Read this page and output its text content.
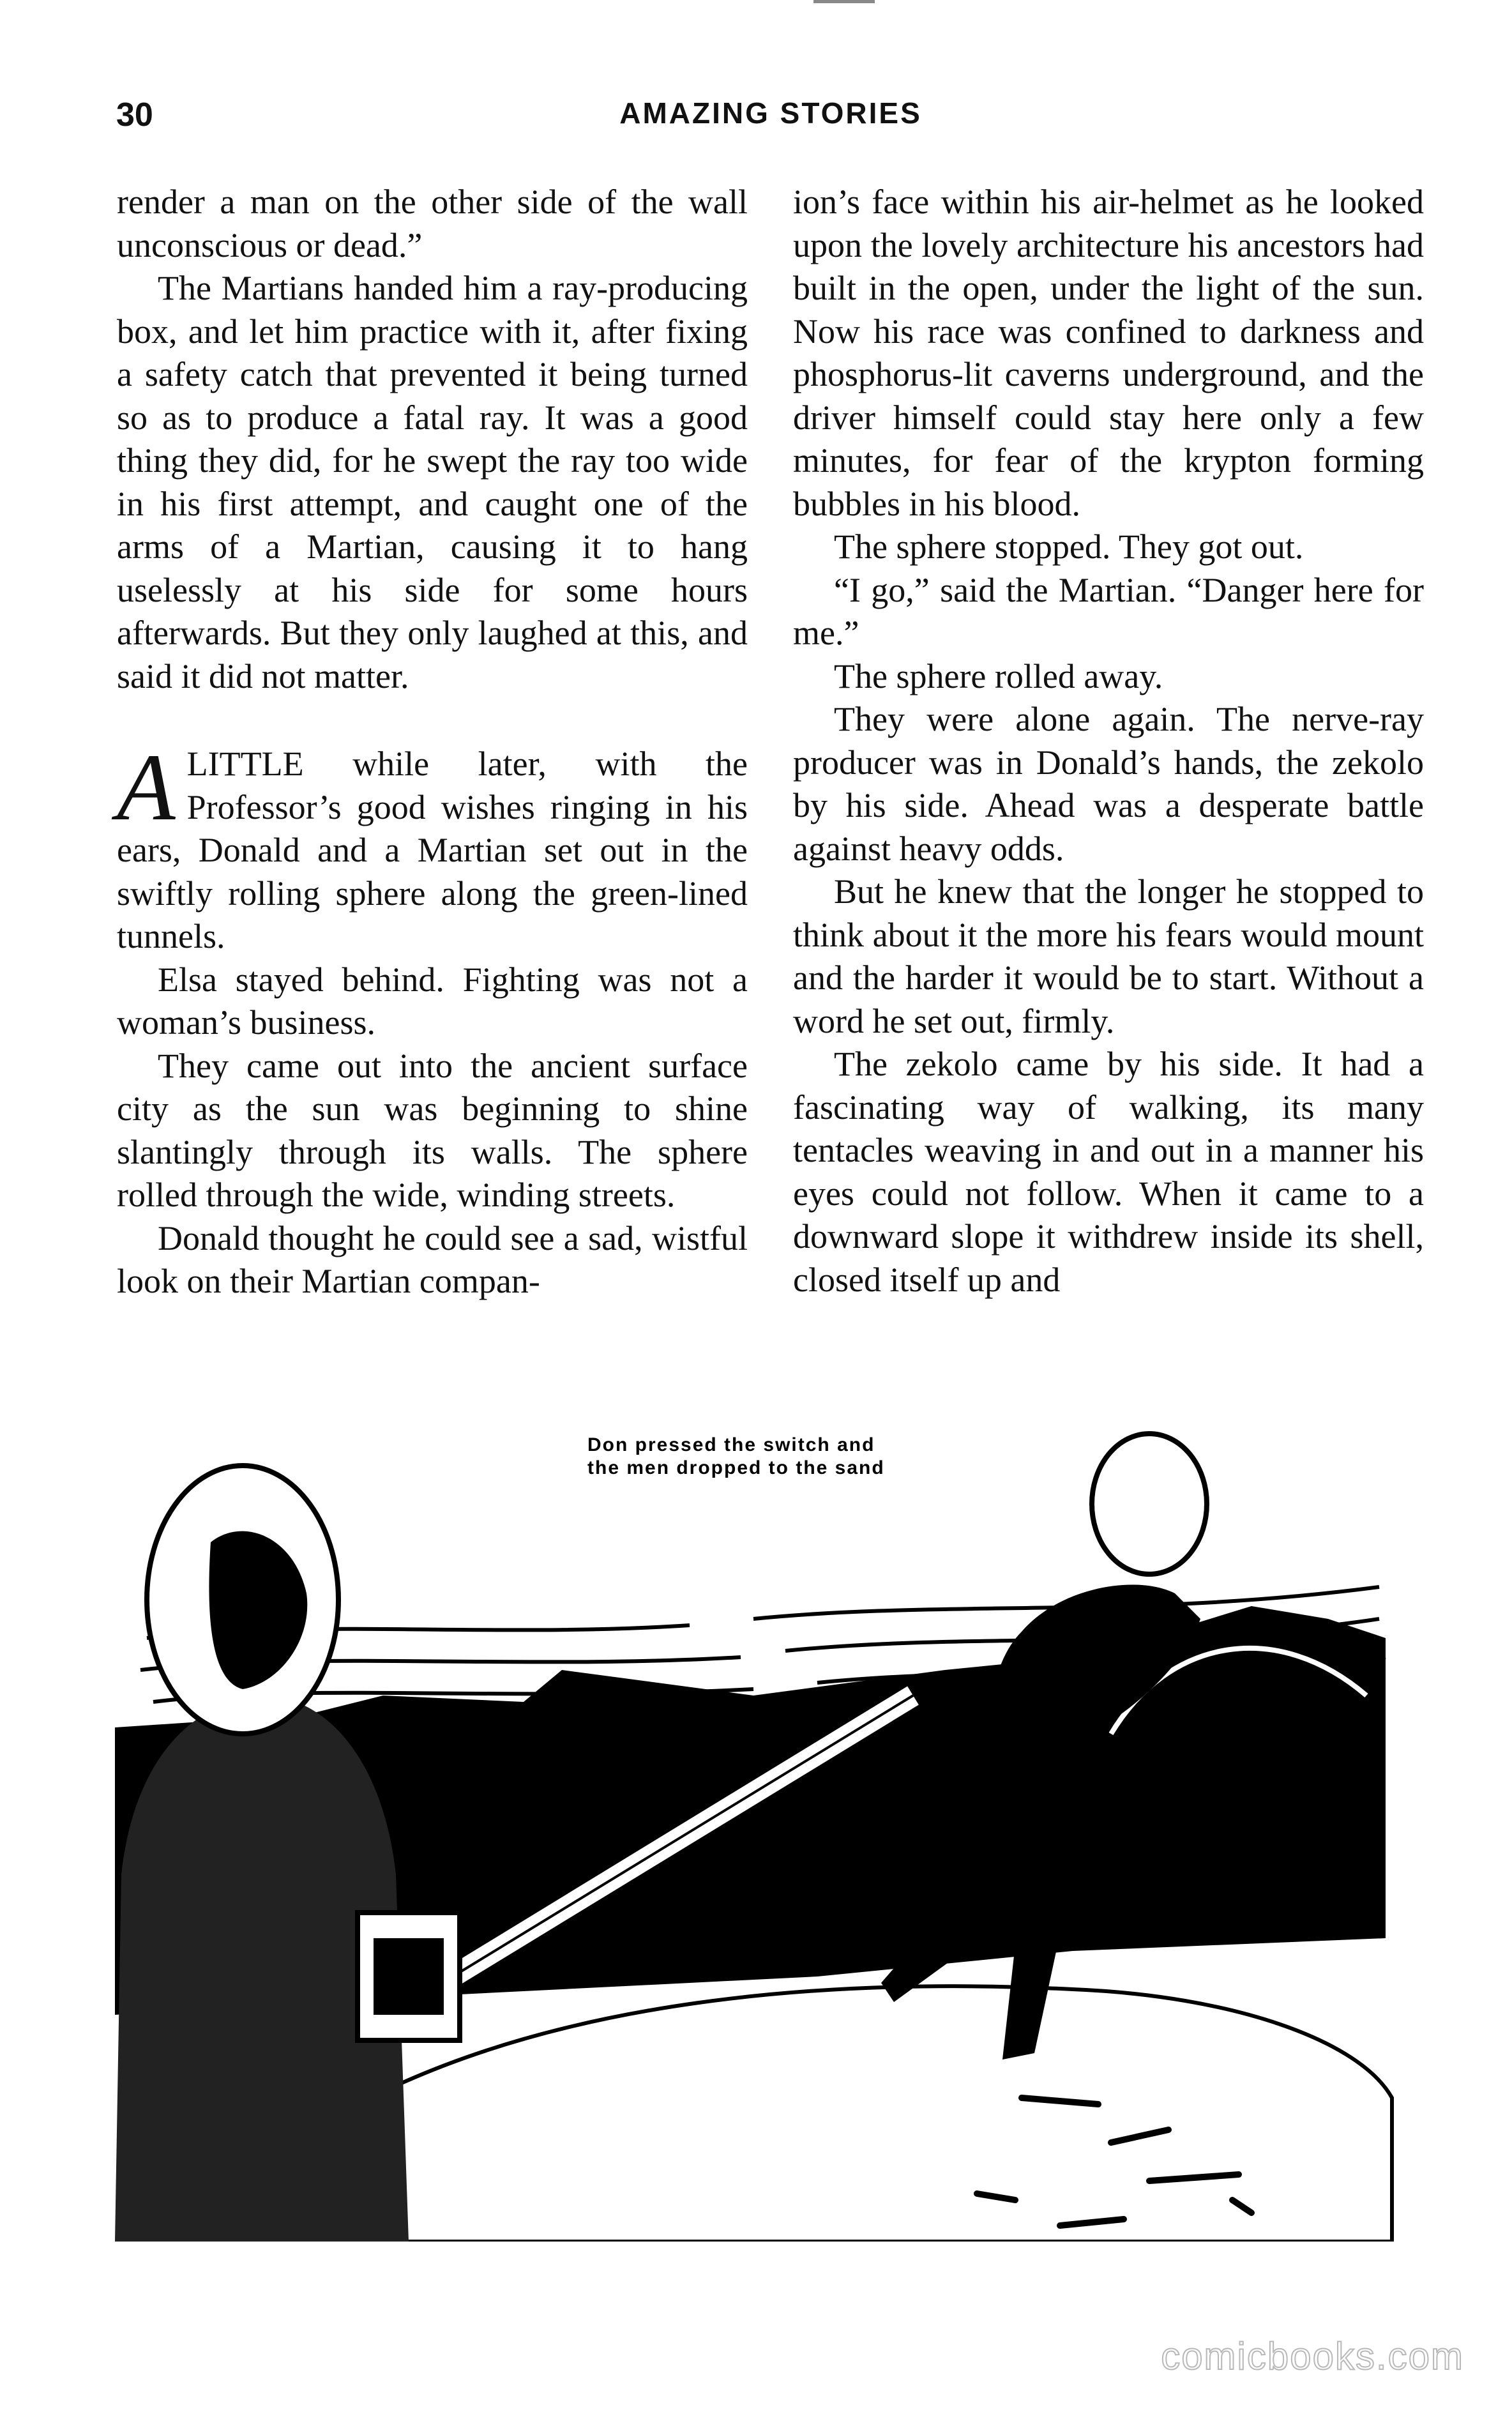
30	AMAZING STORIES

render a man on the other side of the wall unconscious or dead.”

The Martians handed him a ray-producing box, and let him practice with it, after fixing a safety catch that prevented it being turned so as to produce a fatal ray. It was a good thing they did, for he swept the ray too wide in his first attempt, and caught one of the arms of a Martian, causing it to hang uselessly at his side for some hours afterwards. But they only laughed at this, and said it did not matter.

ALITTLE while later, with the Professor’s good wishes ringing in his ears, Donald and a Martian set out in the swiftly rolling sphere along the green-lined tunnels.

Elsa stayed behind. Fighting was not a woman’s business.

They came out into the ancient surface city as the sun was beginning to shine slantingly through its walls. The sphere rolled through the wide, winding streets.

Donald thought he could see a sad, wistful look on their Martian compan-

ion’s face within his air-helmet as he looked upon the lovely architecture his ancestors had built in the open, under the light of the sun. Now his race was confined to darkness and phosphorus-lit caverns underground, and the driver himself could stay here only a few minutes, for fear of the krypton forming bubbles in his blood.

The sphere stopped. They got out.

“I go,” said the Martian. “Danger here for me.”

The sphere rolled away.

They were alone again. The nerve-ray producer was in Donald’s hands, the zekolo by his side. Ahead was a desperate battle against heavy odds.

But he knew that the longer he stopped to think about it the more his fears would mount and the harder it would be to start. Without a word he set out, firmly.

The zekolo came by his side. It had a fascinating way of walking, its many tentacles weaving in and out in a manner his eyes could not follow. When it came to a downward slope it withdrew inside its shell, closed itself up and

Don pressed the switch and
the men dropped to the sand
comicbooks.com
